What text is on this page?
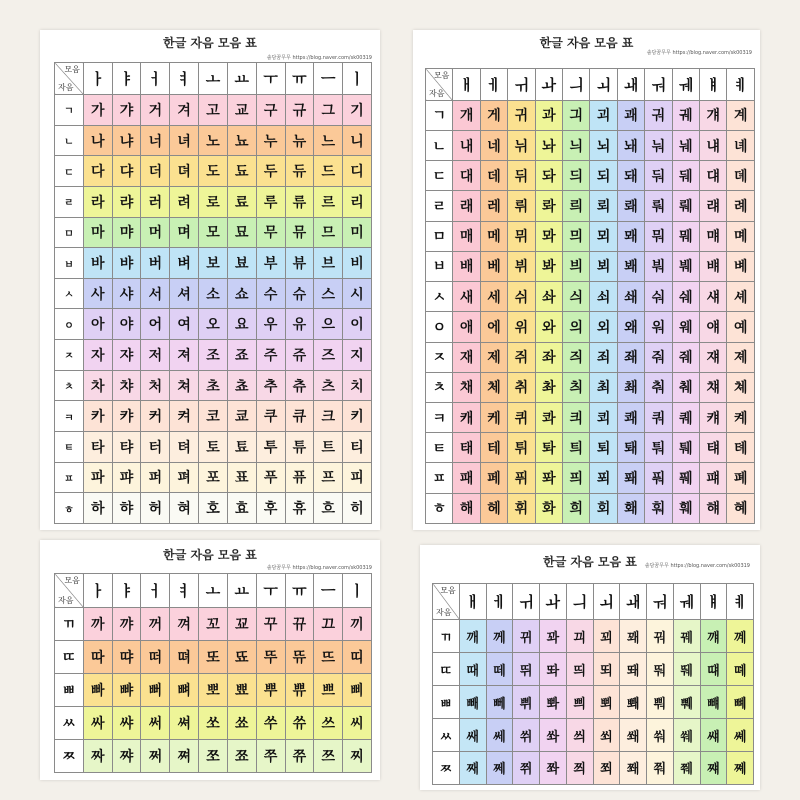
한글 자음 모음 표
솔담꿈무무 https://blog.naver.com/sk00319
모음
자음	ㅏ	ㅑ	ㅓ	ㅕ	ㅗ	ㅛ	ㅜ	ㅠ	ㅡ	ㅣ
ㄱ	가	갸	거	겨	고	교	구	규	그	기
ㄴ	나	냐	너	녀	노	뇨	누	뉴	느	니
ㄷ	다	댜	더	뎌	도	됴	두	듀	드	디
ㄹ	라	랴	러	려	로	료	루	류	르	리
ㅁ	마	먀	머	며	모	묘	무	뮤	므	미
ㅂ	바	뱌	버	벼	보	뵤	부	뷰	브	비
ㅅ	사	샤	서	셔	소	쇼	수	슈	스	시
ㅇ	아	야	어	여	오	요	우	유	으	이
ㅈ	자	쟈	저	져	조	죠	주	쥬	즈	지
ㅊ	차	챠	처	쳐	초	쵸	추	츄	츠	치
ㅋ	카	캬	커	켜	코	쿄	쿠	큐	크	키
ㅌ	타	탸	터	텨	토	툐	투	튜	트	티
ㅍ	파	퍄	퍼	펴	포	표	푸	퓨	프	피
ㅎ	하	햐	허	혀	호	효	후	휴	흐	히
한글 자음 모음 표
솔담꿈무무 https://blog.naver.com/sk00319
모음
자음	ㅐ	ㅔ	ㅟ	ㅘ	ㅢ	ㅚ	ㅙ	ㅝ	ㅞ	ㅒ	ㅖ
ㄱ	개	게	귀	과	긔	괴	괘	궈	궤	걔	계
ㄴ	내	네	뉘	놔	늬	뇌	놰	눠	눼	냬	녜
ㄷ	대	데	뒤	돠	듸	되	돼	둬	뒈	댸	뎨
ㄹ	래	레	뤼	롸	릐	뢰	뢔	뤄	뤠	럐	례
ㅁ	매	메	뮈	뫄	믜	뫼	뫠	뭐	뭬	먜	몌
ㅂ	배	베	뷔	봐	븨	뵈	봬	붜	붸	뱨	볘
ㅅ	새	세	쉬	솨	싀	쇠	쇄	숴	쉐	섀	셰
ㅇ	애	에	위	와	의	외	왜	워	웨	얘	예
ㅈ	재	제	쥐	좌	즤	죄	좨	줘	줴	쟤	졔
ㅊ	채	체	취	촤	츼	최	쵀	춰	췌	챼	쳬
ㅋ	캐	케	퀴	콰	킈	쾨	쾌	쿼	퀘	컈	켸
ㅌ	태	테	튀	톼	틔	퇴	퇘	퉈	퉤	턔	톄
ㅍ	패	페	퓌	퐈	픠	푀	퐤	풔	풰	퍠	폐
ㅎ	해	헤	휘	화	희	회	홰	훠	훼	햬	혜
한글 자음 모음 표
솔담꿈무무 https://blog.naver.com/sk00319
모음
자음	ㅏ	ㅑ	ㅓ	ㅕ	ㅗ	ㅛ	ㅜ	ㅠ	ㅡ	ㅣ
ㄲ	까	꺄	꺼	껴	꼬	꾜	꾸	뀨	끄	끼
ㄸ	따	땨	떠	뗘	또	뚀	뚜	뜌	뜨	띠
ㅃ	빠	뺘	뻐	뼈	뽀	뾰	뿌	쀼	쁘	삐
ㅆ	싸	쌰	써	쎠	쏘	쑈	쑤	쓔	쓰	씨
ㅉ	짜	쨔	쩌	쪄	쪼	쬬	쭈	쮸	쯔	찌
한글 자음 모음 표	솔담꿈무무 https://blog.naver.com/sk00319
모음
자음	ㅐ	ㅔ	ㅟ	ㅘ	ㅢ	ㅚ	ㅙ	ㅝ	ㅞ	ㅒ	ㅖ
ㄲ	깨	께	뀌	꽈	끠	꾀	꽤	꿔	꿰	꺠	꼐
ㄸ	때	떼	뛰	똬	띄	뙤	뙈	뚸	뛔	떄	뗴
ㅃ	빼	뻬	쀠	뽜	쁴	뾔	뽸	뿨	쀄	뺴	뼤
ㅆ	쌔	쎄	쒸	쏴	씌	쐬	쐐	쒀	쒜	썌	쎼
ㅉ	째	쩨	쮜	쫘	쯰	쬐	쫴	쭤	쮀	쨰	쪠
